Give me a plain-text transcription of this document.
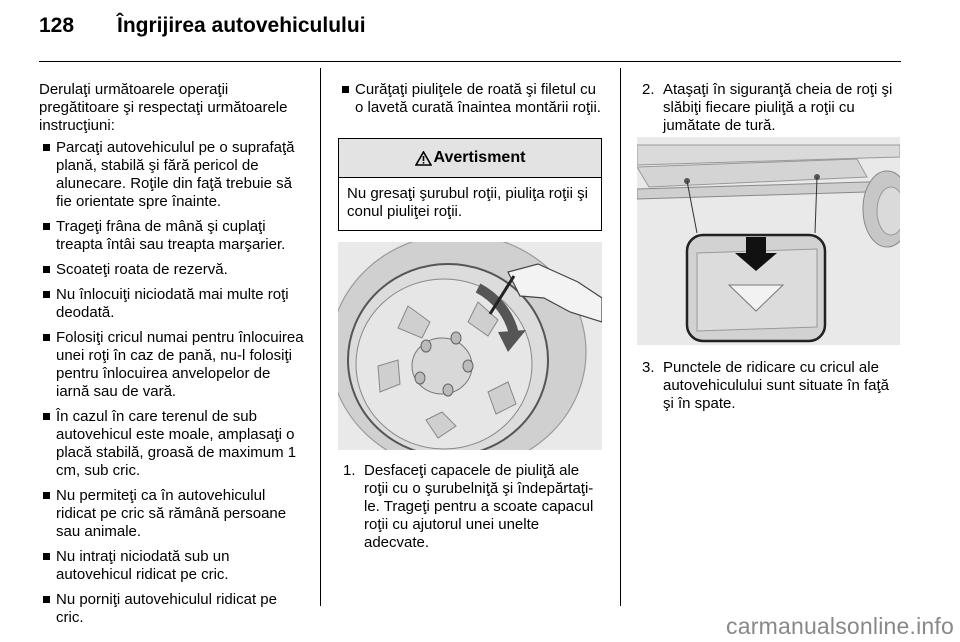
128 Îngrijirea autovehiculului

Derulaţi următoarele operaţii pregătitoare şi respectaţi următoarele instrucţiuni:

Parcaţi autovehiculul pe o suprafaţă plană, stabilă şi fără pericol de alunecare. Roţile din faţă trebuie să fie orientate spre înainte.
Trageţi frâna de mână şi cuplaţi treapta întâi sau treapta marşarier.
Scoateţi roata de rezervă.
Nu înlocuiţi niciodată mai multe roţi deodată.
Folosiţi cricul numai pentru înlocuirea unei roţi în caz de pană, nu-l folosiţi pentru înlocuirea anvelopelor de iarnă sau de vară.
În cazul în care terenul de sub autovehicul este moale, amplasaţi o placă stabilă, groasă de maximum 1 cm, sub cric.
Nu permiteţi ca în autovehiculul ridicat pe cric să rămână persoane sau animale.
Nu intraţi niciodată sub un autovehicul ridicat pe cric.
Nu porniţi autovehiculul ridicat pe cric.
Curăţaţi piuliţele de roată şi filetul cu o lavetă curată înaintea montării roţii.
Avertisment
Nu gresaţi şurubul roţii, piuliţa roţii şi conul piuliţei roţii.
1. Desfaceţi capacele de piuliţă ale roţii cu o şurubelniţă şi îndepărtaţi-le. Trageţi pentru a scoate capacul roţii cu ajutorul unei unelte adecvate.
2. Ataşaţi în siguranţă cheia de roţi şi slăbiţi fiecare piuliţă a roţii cu jumătate de tură.
3. Punctele de ridicare cu cricul ale autovehiculului sunt situate în faţă şi în spate.
carmanualsonline.info
